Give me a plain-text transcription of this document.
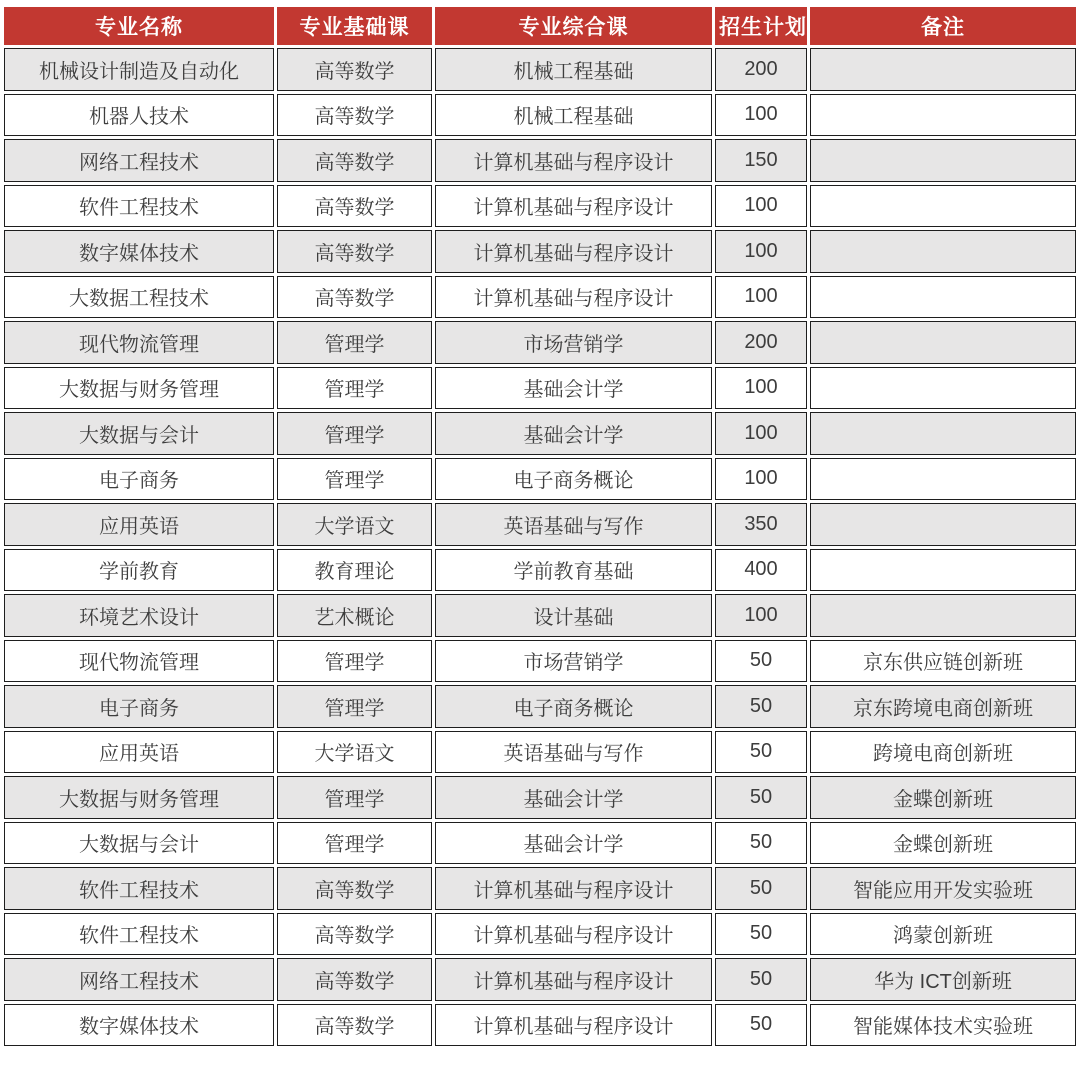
专业名称	专业基础课	专业综合课	招生计划	备注
机械设计制造及自动化	高等数学	机械工程基础	200	
机器人技术	高等数学	机械工程基础	100	
网络工程技术	高等数学	计算机基础与程序设计	150	
软件工程技术	高等数学	计算机基础与程序设计	100	
数字媒体技术	高等数学	计算机基础与程序设计	100	
大数据工程技术	高等数学	计算机基础与程序设计	100	
现代物流管理	管理学	市场营销学	200	
大数据与财务管理	管理学	基础会计学	100	
大数据与会计	管理学	基础会计学	100	
电子商务	管理学	电子商务概论	100	
应用英语	大学语文	英语基础与写作	350	
学前教育	教育理论	学前教育基础	400	
环境艺术设计	艺术概论	设计基础	100	
现代物流管理	管理学	市场营销学	50	京东供应链创新班
电子商务	管理学	电子商务概论	50	京东跨境电商创新班
应用英语	大学语文	英语基础与写作	50	跨境电商创新班
大数据与财务管理	管理学	基础会计学	50	金蝶创新班
大数据与会计	管理学	基础会计学	50	金蝶创新班
软件工程技术	高等数学	计算机基础与程序设计	50	智能应用开发实验班
软件工程技术	高等数学	计算机基础与程序设计	50	鸿蒙创新班
网络工程技术	高等数学	计算机基础与程序设计	50	华为 ICT创新班
数字媒体技术	高等数学	计算机基础与程序设计	50	智能媒体技术实验班
